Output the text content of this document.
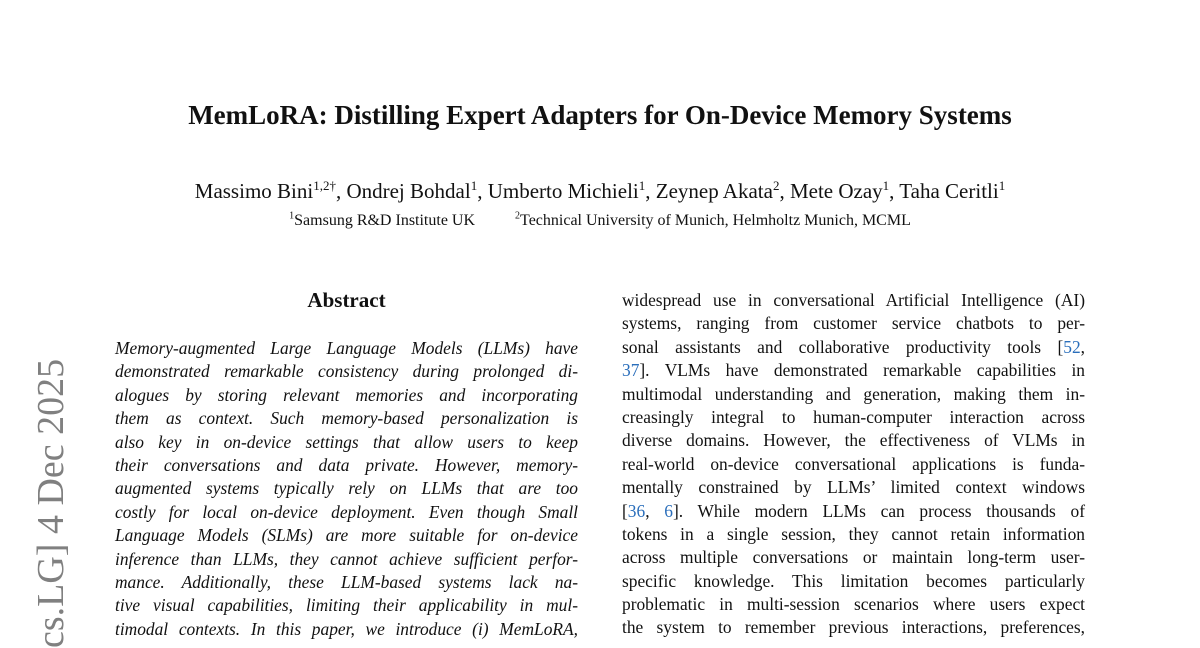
MemLoRA: Distilling Expert Adapters for On-Device Memory Systems
Massimo Bini$^{1,2\dagger}$, Ondrej Bohdal$^1$, Umberto Michieli$^1$, Zeynep Akata$^2$, Mete Ozay$^1$, Taha Ceritli$^1$
$^1$Samsung R&D Institute UK	$^2$Technical University of Munich, Helmholtz Munich, MCML
cs.LG] 4 Dec 2025
Abstract
Memory-augmented Large Language Models (LLMs) have
demonstrated remarkable consistency during prolonged di-
alogues by storing relevant memories and incorporating
them as context. Such memory-based personalization is
also key in on-device settings that allow users to keep
their conversations and data private. However, memory-
augmented systems typically rely on LLMs that are too
costly for local on-device deployment. Even though Small
Language Models (SLMs) are more suitable for on-device
inference than LLMs, they cannot achieve sufficient perfor-
mance. Additionally, these LLM-based systems lack na-
tive visual capabilities, limiting their applicability in mul-
timodal contexts. In this paper, we introduce (i) MemLoRA,
widespread use in conversational Artificial Intelligence (AI)
systems, ranging from customer service chatbots to per-
sonal assistants and collaborative productivity tools [52,
37]. VLMs have demonstrated remarkable capabilities in
multimodal understanding and generation, making them in-
creasingly integral to human-computer interaction across
diverse domains. However, the effectiveness of VLMs in
real-world on-device conversational applications is funda-
mentally constrained by LLMs’ limited context windows
[36, 6]. While modern LLMs can process thousands of
tokens in a single session, they cannot retain information
across multiple conversations or maintain long-term user-
specific knowledge. This limitation becomes particularly
problematic in multi-session scenarios where users expect
the system to remember previous interactions, preferences,
